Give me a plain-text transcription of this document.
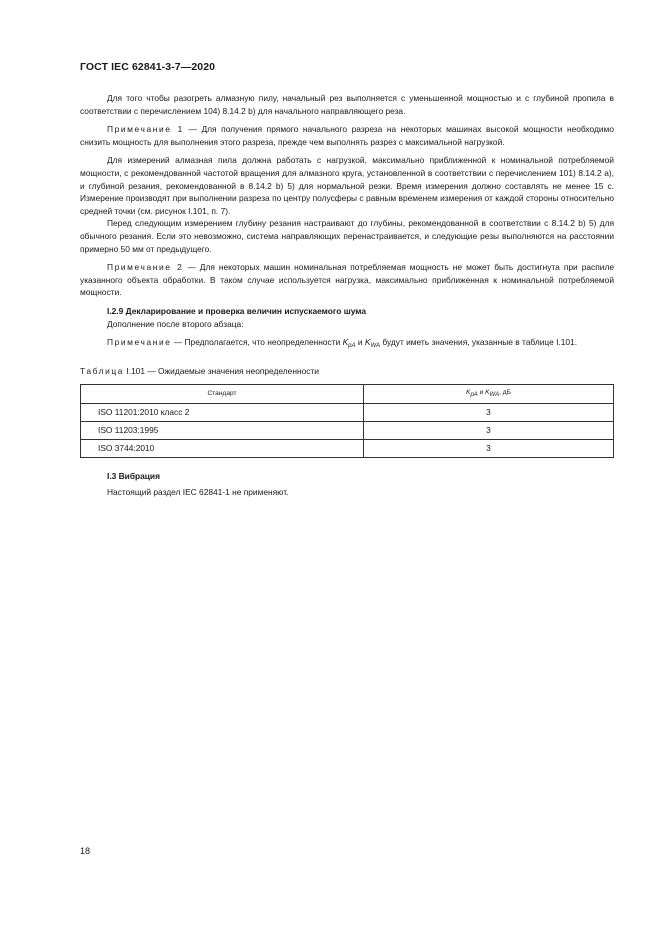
ГОСТ IEC 62841-3-7—2020

Для того чтобы разогреть алмазную пилу, начальный рез выполняется с уменьшенной мощностью и с глубиной пропила в соответствии с перечислением 104) 8.14.2 b) для начального направляющего реза.

Примечание 1 — Для получения прямого начального разреза на некоторых машинах высокой мощности необходимо снизить мощность для выполнения этого разреза, прежде чем выполнять разрез с максимальной нагрузкой.

Для измерений алмазная пила должна работать с нагрузкой, максимально приближенной к номинальной потребляемой мощности, с рекомендованной частотой вращения для алмазного круга, установленной в соответствии с перечислением 101) 8.14.2 a), и глубиной резания, рекомендованной в 8.14.2 b) 5) для нормальной резки. Время измерения должно составлять не менее 15 с. Измерение производят при выполнении разреза по центру полусферы с равным временем измерения от каждой стороны относительно средней точки (см. рисунок I.101, п. 7).

Перед следующим измерением глубину резания настраивают до глубины, рекомендованной в соответствии с 8.14.2 b) 5) для обычного резания. Если это невозможно, система направляющих перенастраивается, и следующие резы выполняются на расстоянии примерно 50 мм от предыдущего.

Примечание 2 — Для некоторых машин номинальная потребляемая мощность не может быть достигнута при распиле указанного объекта обработки. В таком случае используется нагрузка, максимально приближенная к номинальной потребляемой мощности.

I.2.9 Декларирование и проверка величин испускаемого шума

Дополнение после второго абзаца:

Примечание — Предполагается, что неопределенности $K_{pA}$ и $K_{WA}$ будут иметь значения, указанные в таблице I.101.

Таблица I.101 — Ожидаемые значения неопределенности
Стандарт	$K_{pA}$ и $K_{WA}$, дБ
ISO 11201:2010 класс 2	3
ISO 11203:1995	3
ISO 3744:2010	3

I.3 Вибрация

Настоящий раздел IEC 62841-1 не применяют.

18
